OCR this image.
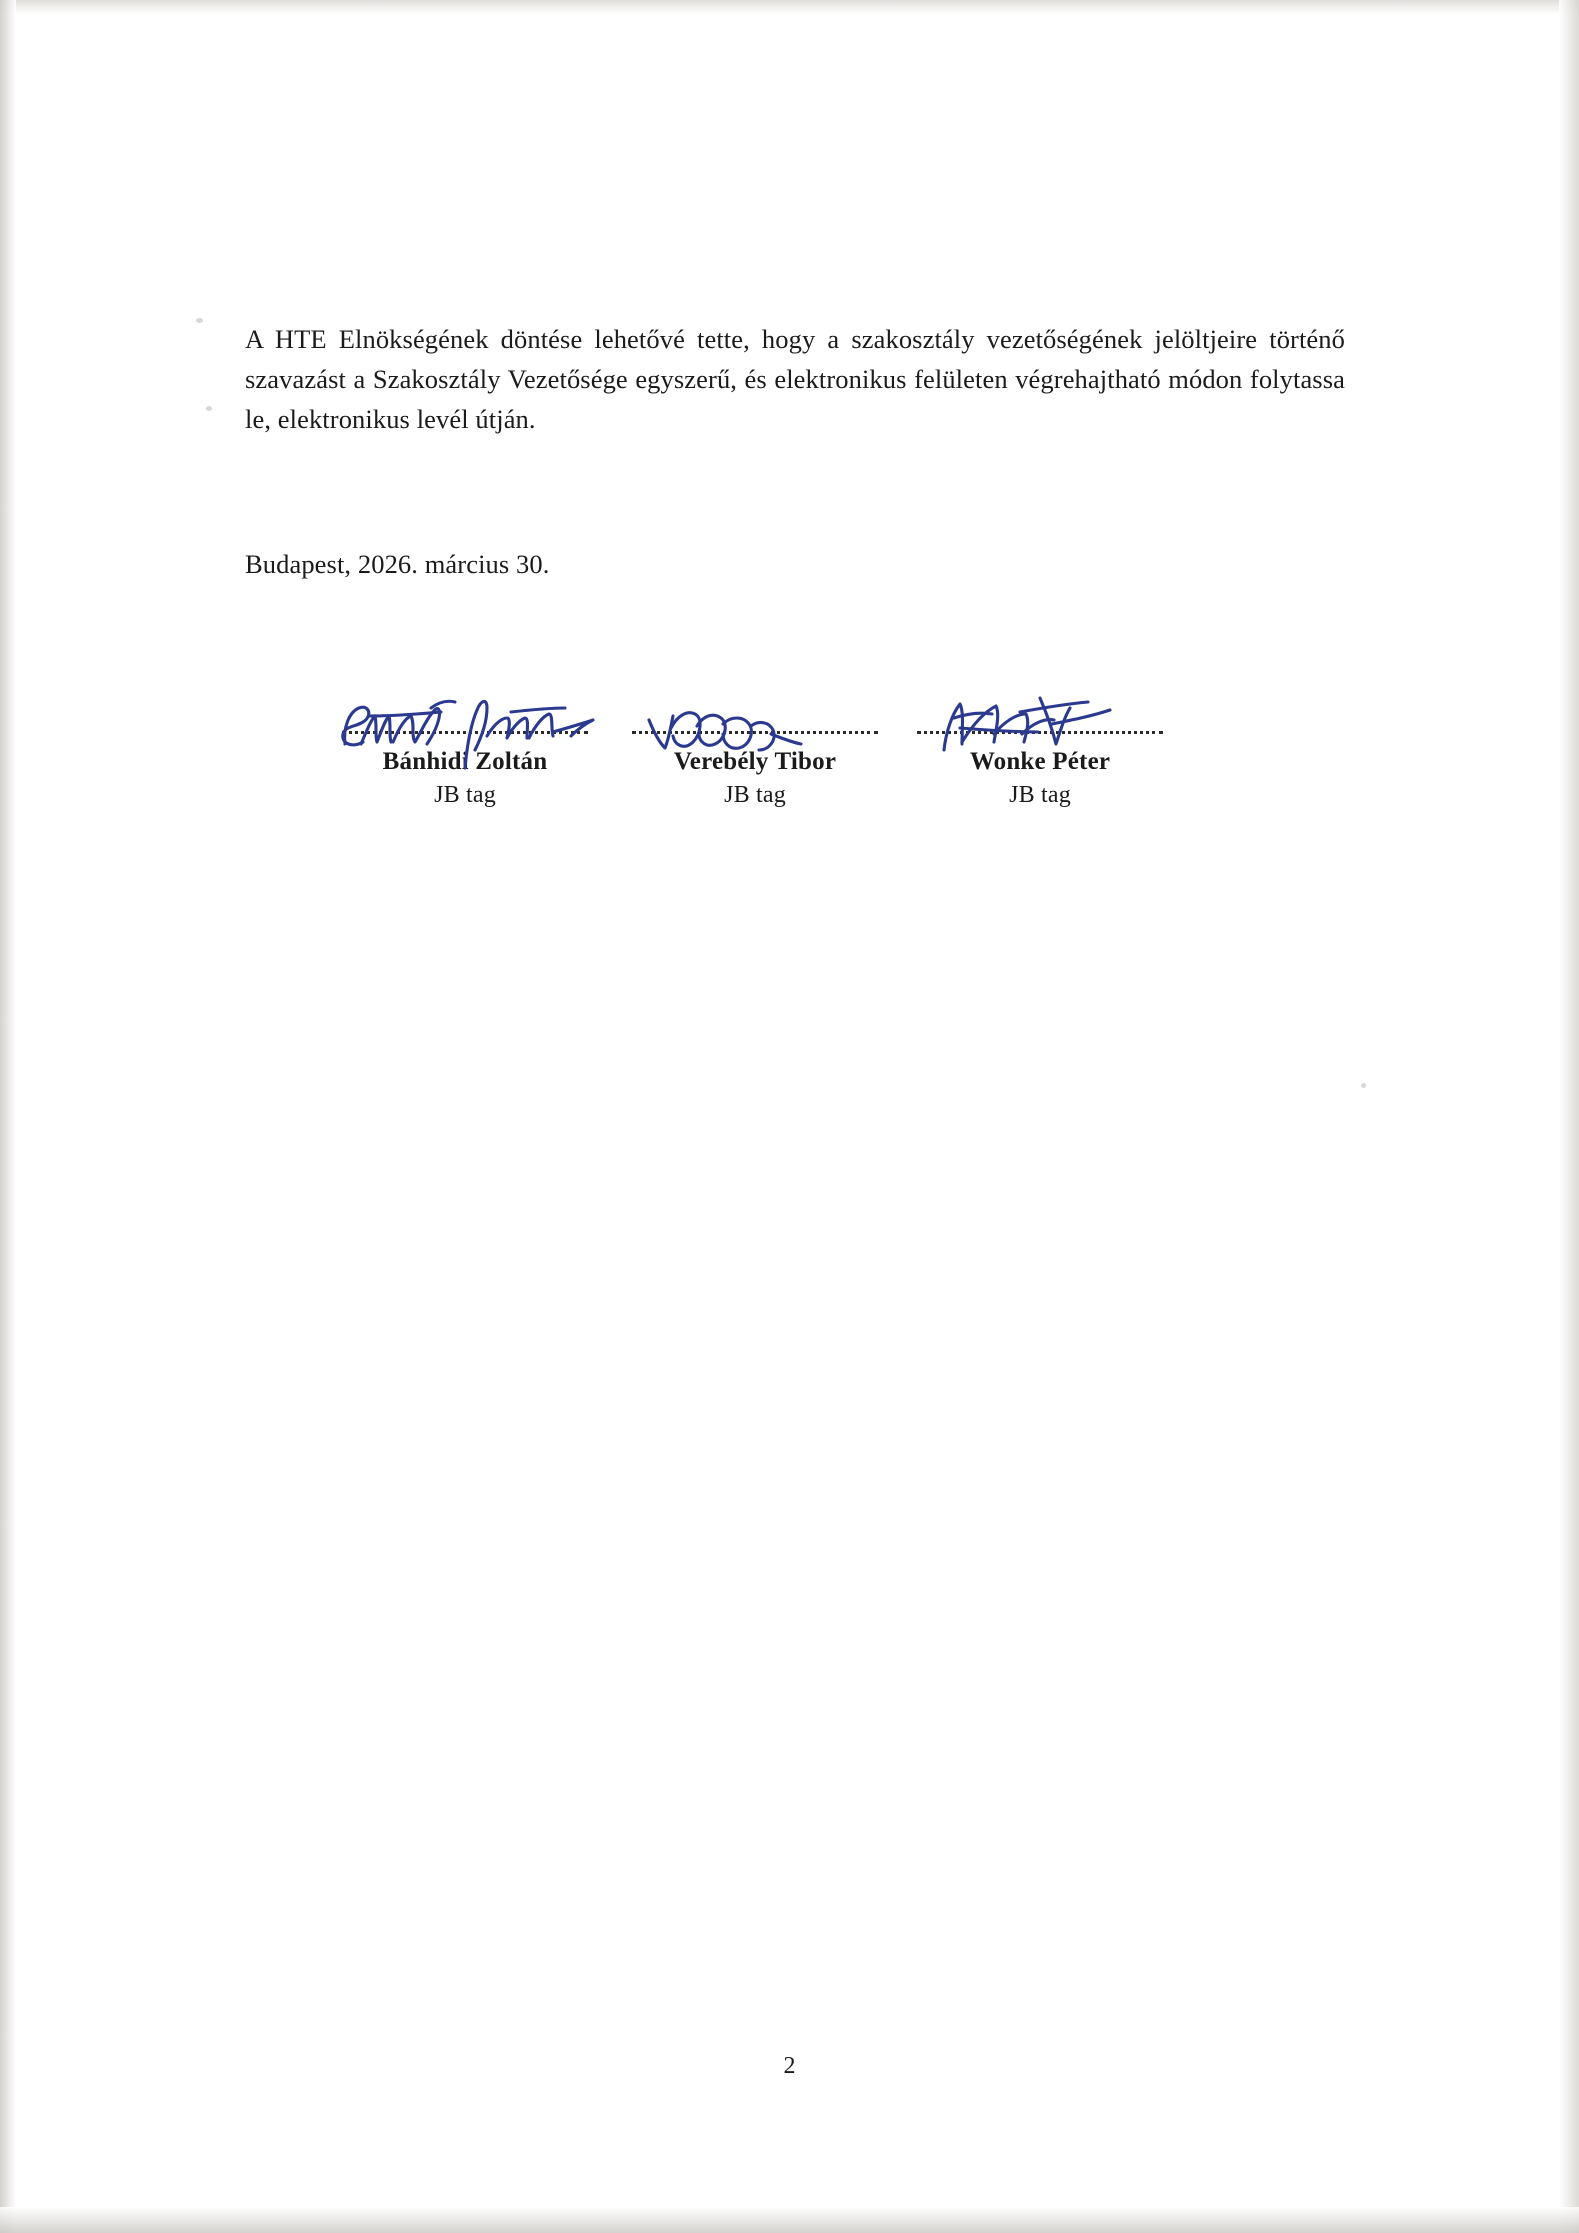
A HTE Elnökségének döntése lehetővé tette, hogy a szakosztály vezetőségének jelöltjeire történő szavazást a Szakosztály Vezetősége egyszerű, és elektronikus felületen végrehajtható módon folytassa le, elektronikus levél útján.

Budapest, 2026. március 30.
Bánhidi Zoltán
JB tag
Verebély Tibor
JB tag
Wonke Péter
JB tag
2
